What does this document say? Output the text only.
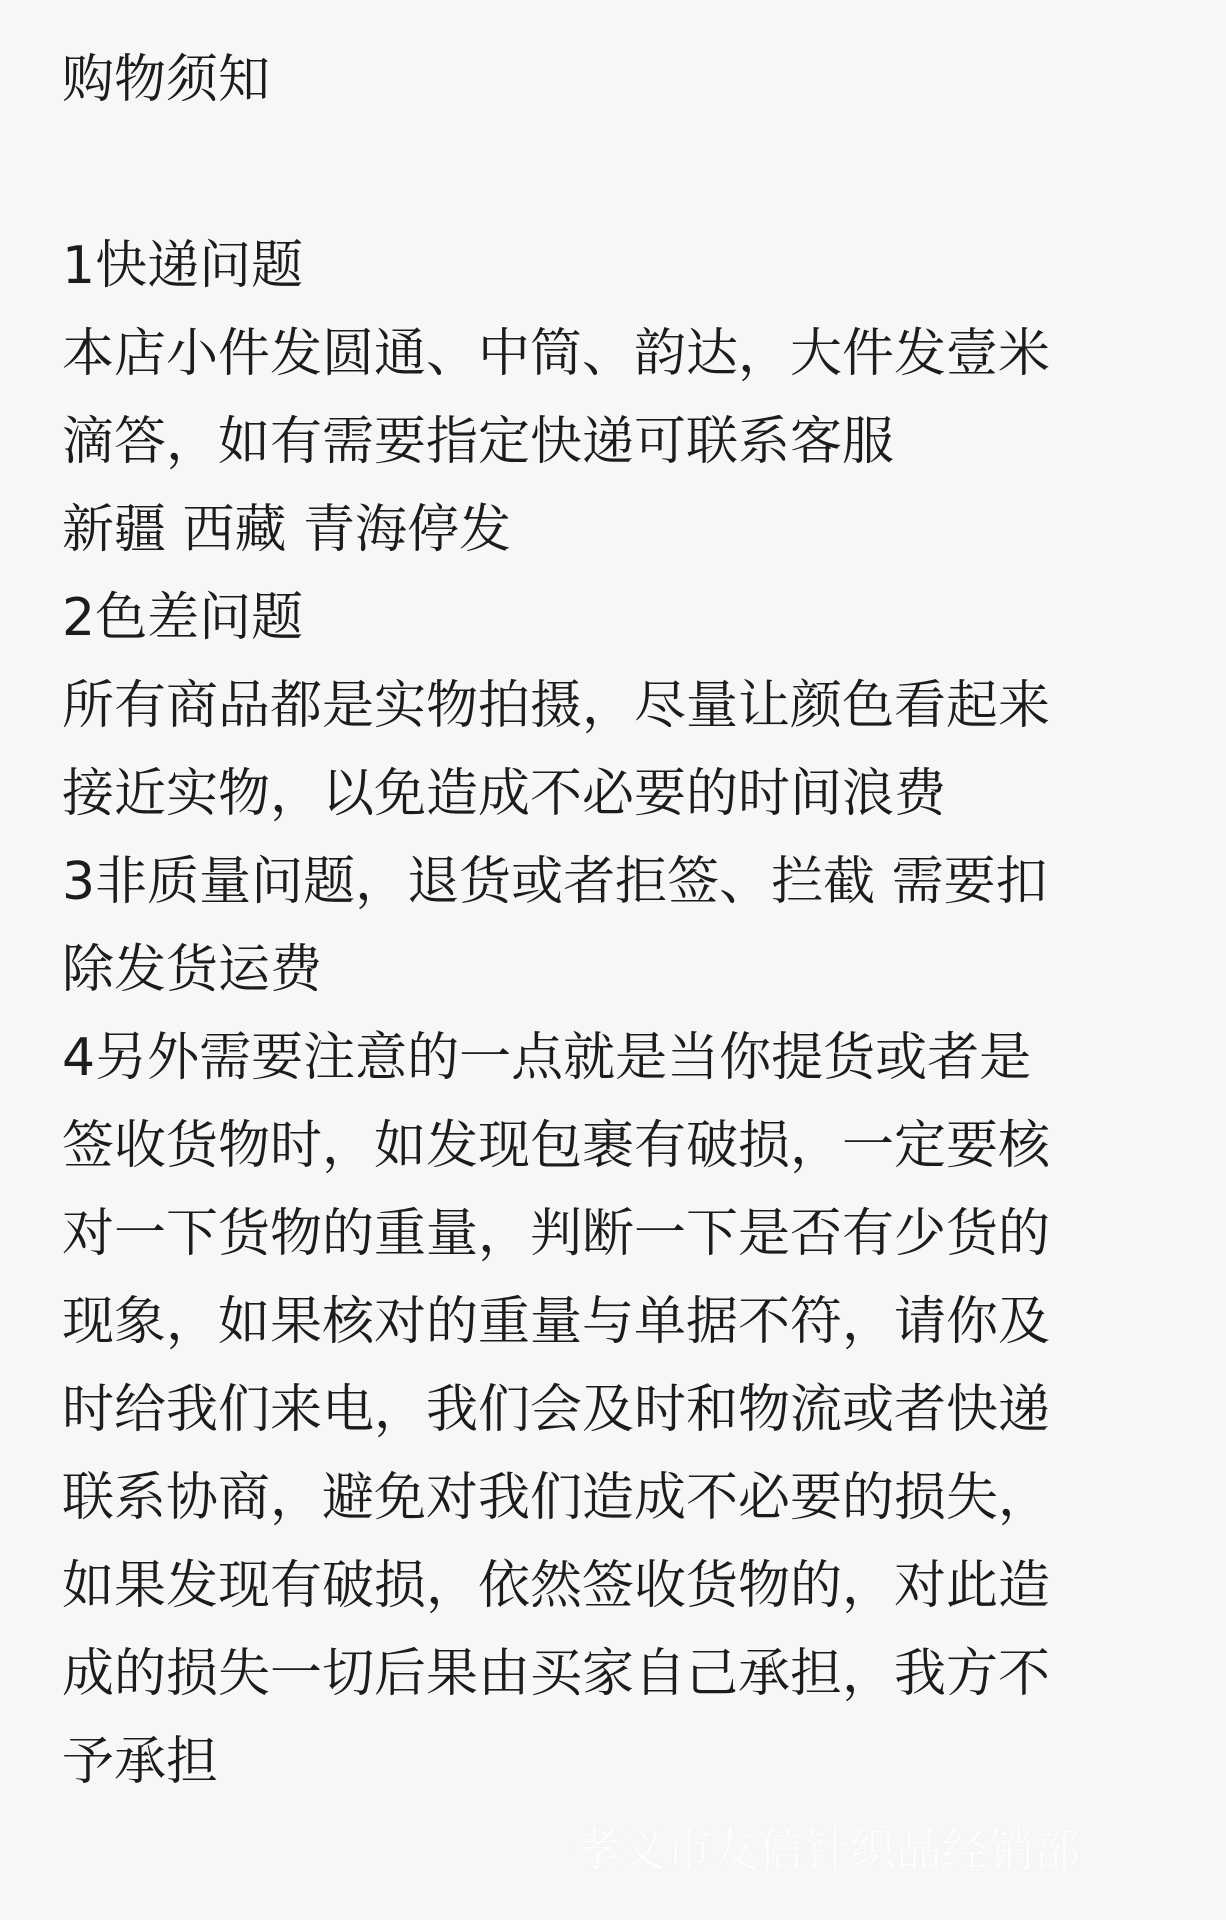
购物须知
1快递问题
本店小件发圆通、中筒、韵达，大件发壹米
滴答，如有需要指定快递可联系客服
新疆 西藏 青海停发
2色差问题
所有商品都是实物拍摄，尽量让颜色看起来
接近实物，以免造成不必要的时间浪费
3非质量问题，退货或者拒签、拦截 需要扣
除发货运费
4另外需要注意的一点就是当你提货或者是
签收货物时，如发现包裹有破损，一定要核
对一下货物的重量，判断一下是否有少货的
现象，如果核对的重量与单据不符，请你及
时给我们来电，我们会及时和物流或者快递
联系协商，避免对我们造成不必要的损失，
如果发现有破损，依然签收货物的，对此造
成的损失一切后果由买家自己承担，我方不
予承担
孝义市友信针织品经销部
